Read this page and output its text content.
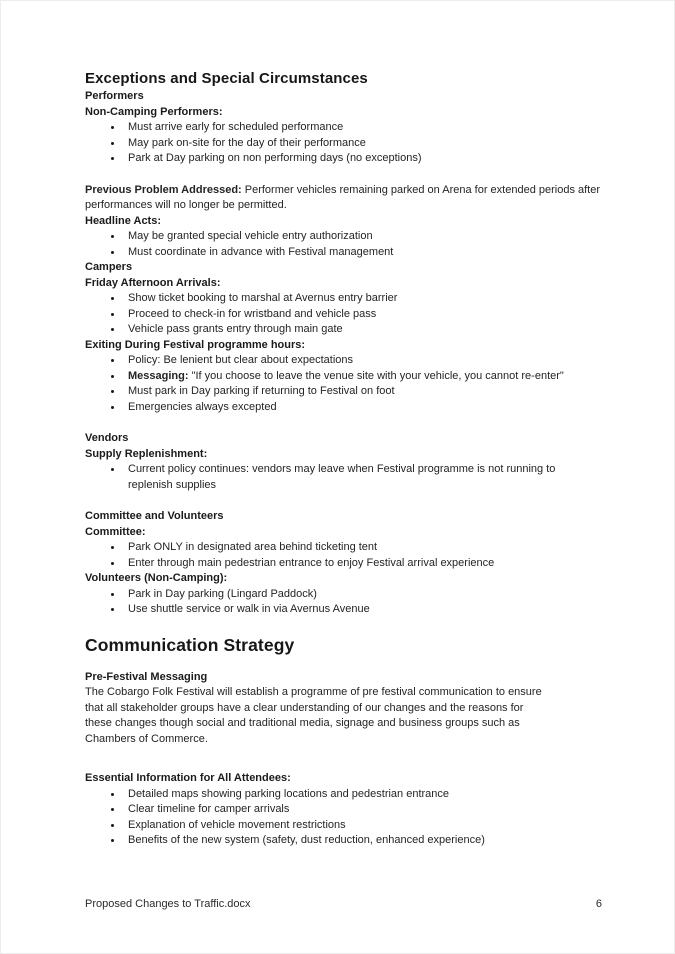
Exceptions and Special Circumstances
Performers
Non-Camping Performers:
• Must arrive early for scheduled performance
• May park on-site for the day of their performance
• Park at Day parking on non performing days (no exceptions)

Previous Problem Addressed: Performer vehicles remaining parked on Arena for extended periods after performances will no longer be permitted.

Headline Acts:
• May be granted special vehicle entry authorization
• Must coordinate in advance with Festival management
Campers
Friday Afternoon Arrivals:
• Show ticket booking to marshal at Avernus entry barrier
• Proceed to check-in for wristband and vehicle pass
• Vehicle pass grants entry through main gate
Exiting During Festival programme hours:
• Policy: Be lenient but clear about expectations
• Messaging: "If you choose to leave the venue site with your vehicle, you cannot re-enter"
• Must park in Day parking if returning to Festival on foot
• Emergencies always excepted
Vendors
Supply Replenishment:
• Current policy continues: vendors may leave when Festival programme is not running to replenish supplies
Committee and Volunteers
Committee:
• Park ONLY in designated area behind ticketing tent
• Enter through main pedestrian entrance to enjoy Festival arrival experience
Volunteers (Non-Camping):
• Park in Day parking (Lingard Paddock)
• Use shuttle service or walk in via Avernus Avenue
Communication Strategy
Pre-Festival Messaging

The Cobargo Folk Festival will establish a programme of pre festival communication to ensure that all stakeholder groups have a clear understanding of our changes and the reasons for these changes though social and traditional media, signage and business groups such as Chambers of Commerce.

Essential Information for All Attendees:
• Detailed maps showing parking locations and pedestrian entrance
• Clear timeline for camper arrivals
• Explanation of vehicle movement restrictions
• Benefits of the new system (safety, dust reduction, enhanced experience)
Proposed Changes to Traffic.docx	6
